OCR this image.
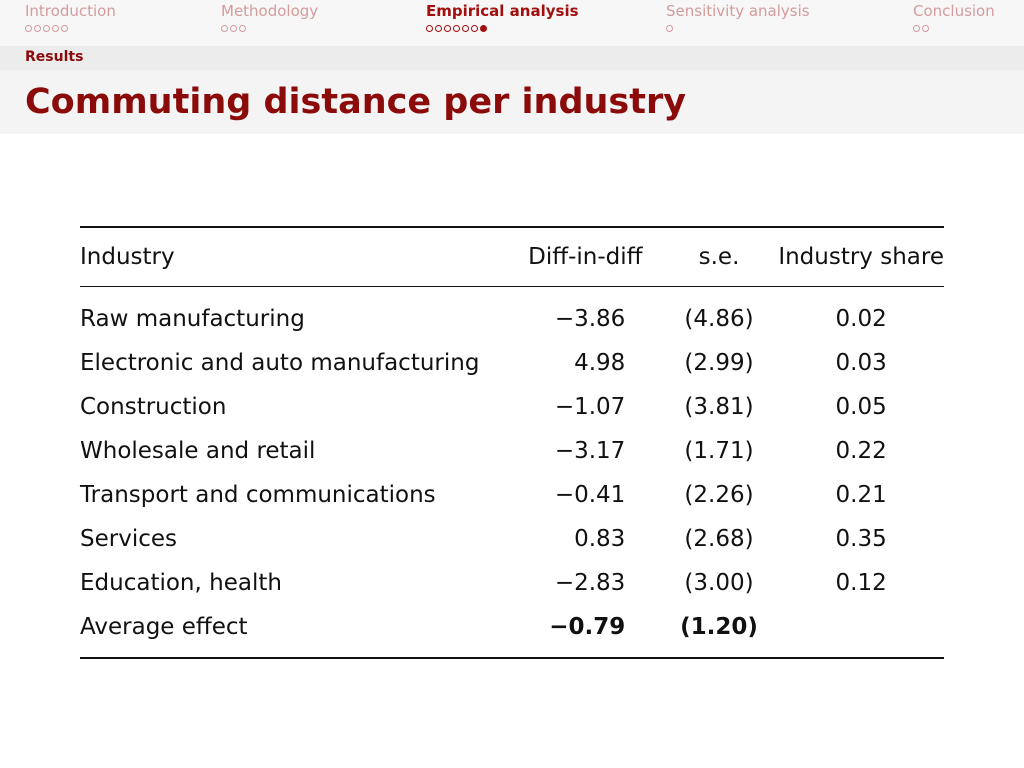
Introduction	Methodology	Empirical analysis	Sensitivity analysis	Conclusion
Results
Commuting distance per industry
Industry	Diff-in-diff	s.e.	Industry share
Raw manufacturing	−3.86	(4.86)	0.02
Electronic and auto manufacturing	4.98	(2.99)	0.03
Construction	−1.07	(3.81)	0.05
Wholesale and retail	−3.17	(1.71)	0.22
Transport and communications	−0.41	(2.26)	0.21
Services	0.83	(2.68)	0.35
Education, health	−2.83	(3.00)	0.12
Average effect	−0.79	(1.20)	
